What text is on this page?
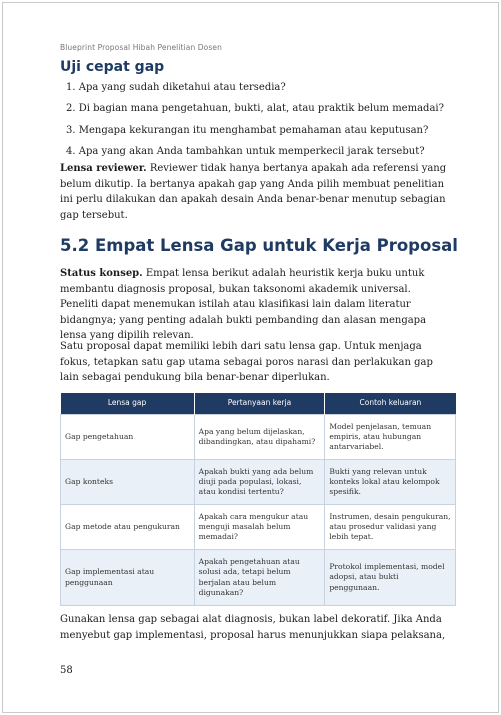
Blueprint Proposal Hibah Penelitian Dosen
Uji cepat gap
1. Apa yang sudah diketahui atau tersedia?
2. Di bagian mana pengetahuan, bukti, alat, atau praktik belum memadai?
3. Mengapa kekurangan itu menghambat pemahaman atau keputusan?
4. Apa yang akan Anda tambahkan untuk memperkecil jarak tersebut?

Lensa reviewer. Reviewer tidak hanya bertanya apakah ada referensi yang belum dikutip. Ia bertanya apakah gap yang Anda pilih membuat penelitian ini perlu dilakukan dan apakah desain Anda benar-benar menutup sebagian gap tersebut.

5.2 Empat Lensa Gap untuk Kerja Proposal

Status konsep. Empat lensa berikut adalah heuristik kerja buku untuk membantu diagnosis proposal, bukan taksonomi akademik universal. Peneliti dapat menemukan istilah atau klasifikasi lain dalam literatur bidangnya; yang penting adalah bukti pembanding dan alasan mengapa lensa yang dipilih relevan.

Satu proposal dapat memiliki lebih dari satu lensa gap. Untuk menjaga fokus, tetapkan satu gap utama sebagai poros narasi dan perlakukan gap lain sebagai pendukung bila benar-benar diperlukan.

Lensa gap	Pertanyaan kerja	Contoh keluaran
Gap pengetahuan	Apa yang belum dijelaskan, dibandingkan, atau dipahami?	Model penjelasan, temuan empiris, atau hubungan antarvariabel.
Gap konteks	Apakah bukti yang ada belum diuji pada populasi, lokasi, atau kondisi tertentu?	Bukti yang relevan untuk konteks lokal atau kelompok spesifik.
Gap metode atau pengukuran	Apakah cara mengukur atau menguji masalah belum memadai?	Instrumen, desain pengukuran, atau prosedur validasi yang lebih tepat.
Gap implementasi atau penggunaan	Apakah pengetahuan atau solusi ada, tetapi belum berjalan atau belum digunakan?	Protokol implementasi, model adopsi, atau bukti penggunaan.

Gunakan lensa gap sebagai alat diagnosis, bukan label dekoratif. Jika Anda menyebut gap implementasi, proposal harus menunjukkan siapa pelaksana,

58
